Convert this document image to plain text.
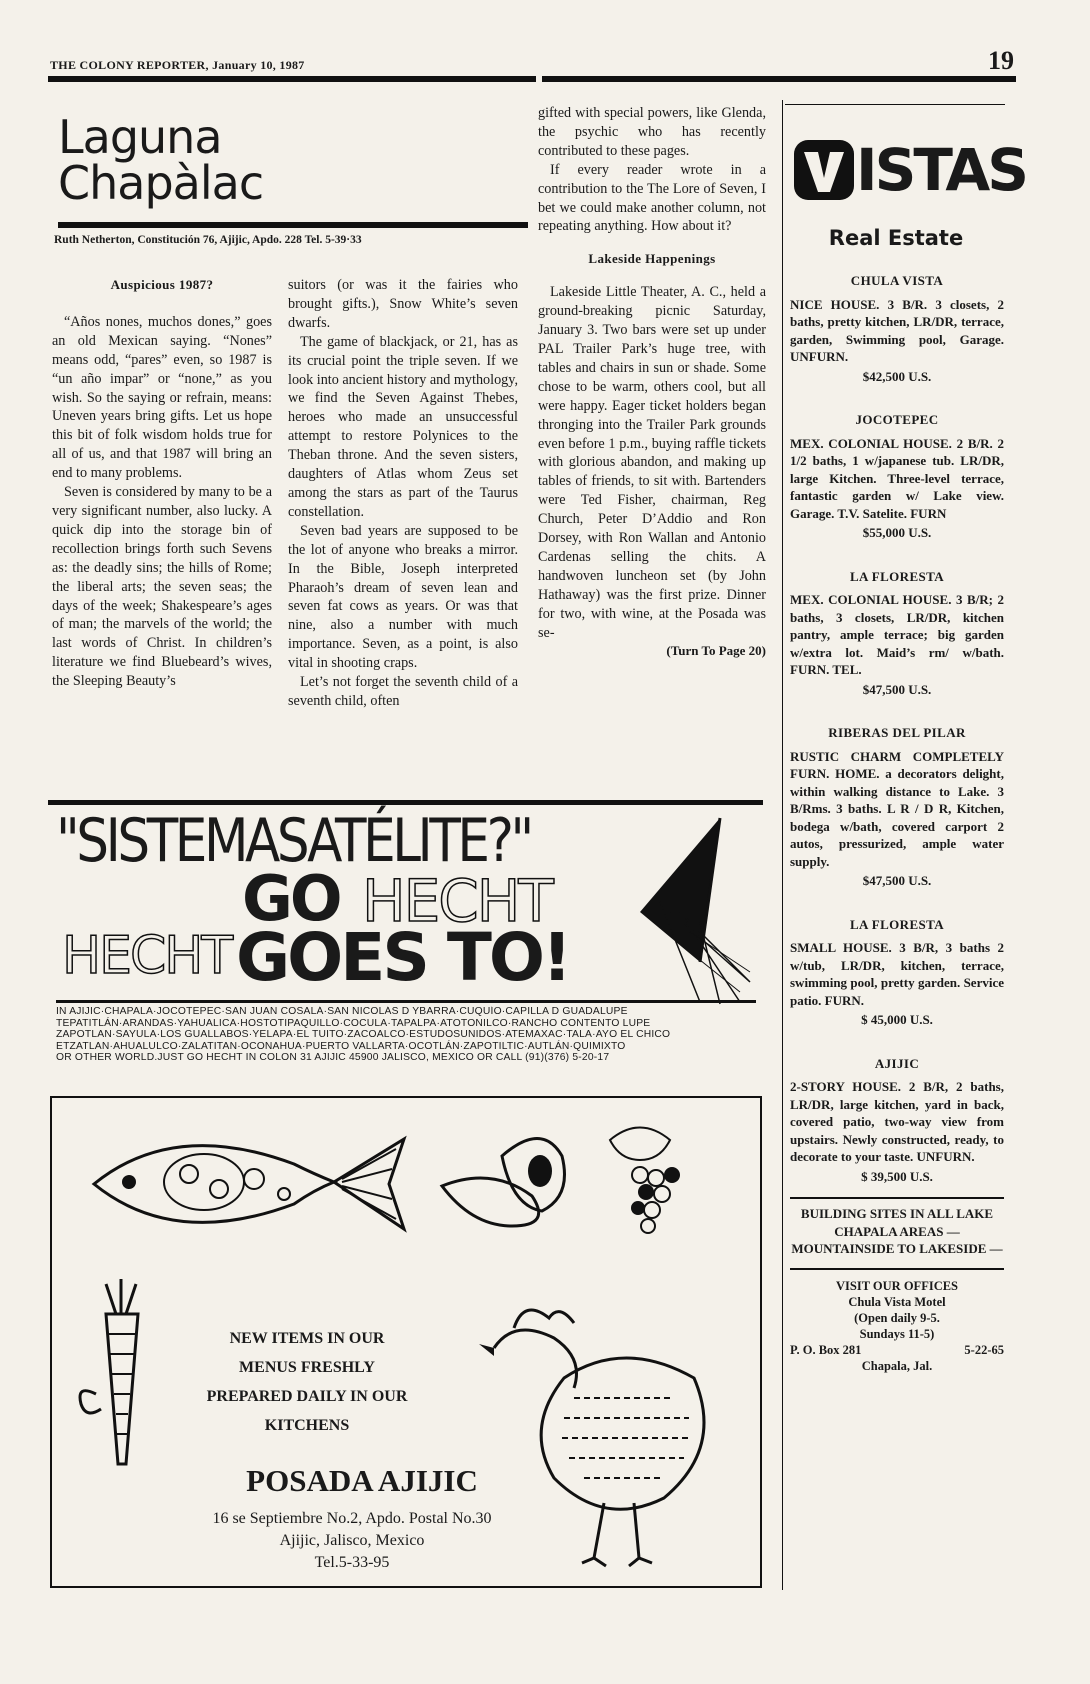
THE COLONY REPORTER, January 10, 1987	19
Laguna
Chapàlac
Ruth Netherton, Constitución 76, Ajijic, Apdo. 228 Tel. 5-39·33
Auspicious 1987?

“Años nones, muchos dones,” goes an old Mexican saying. “Nones” means odd, “pares” even, so 1987 is “un año impar” or “none,” as you wish. So the saying or refrain, means: Uneven years bring gifts. Let us hope this bit of folk wisdom holds true for all of us, and that 1987 will bring an end to many problems.

Seven is considered by many to be a very significant number, also lucky. A quick dip into the storage bin of recollection brings forth such Sevens as: the deadly sins; the hills of Rome; the liberal arts; the seven seas; the days of the week; Shakespeare’s ages of man; the marvels of the world; the last words of Christ. In children’s literature we find Bluebeard’s wives, the Sleeping Beauty’s

suitors (or was it the fairies who brought gifts.), Snow White’s seven dwarfs.

The game of blackjack, or 21, has as its crucial point the triple seven. If we look into ancient history and mythology, we find the Seven Against Thebes, heroes who made an unsuccessful attempt to restore Polynices to the Theban throne. And the seven sisters, daughters of Atlas whom Zeus set among the stars as part of the Taurus constellation.

Seven bad years are supposed to be the lot of anyone who breaks a mirror. In the Bible, Joseph interpreted Pharaoh’s dream of seven lean and seven fat cows as years. Or was that nine, also a number with much importance. Seven, as a point, is also vital in shooting craps.

Let’s not forget the seventh child of a seventh child, often

gifted with special powers, like Glenda, the psychic who has recently contributed to these pages.

If every reader wrote in a contribution to the The Lore of Seven, I bet we could make another column, not repeating anything. How about it?

Lakeside Happenings

Lakeside Little Theater, A. C., held a ground-breaking picnic Saturday, January 3. Two bars were set up under PAL Trailer Park’s huge tree, with tables and chairs in sun or shade. Some chose to be warm, others cool, but all were happy. Eager ticket holders began thronging into the Trailer Park grounds even before 1 p.m., buying raffle tickets with glorious abandon, and making up tables of friends, to sit with. Bartenders were Ted Fisher, chairman, Reg Church, Peter D’Addio and Ron Dorsey, with Ron Wallan and Antonio Cardenas selling the chits. A handwoven luncheon set (by John Hathaway) was the first prize. Dinner for two, with wine, at the Posada was se-

(Turn To Page 20)
ISTAS
Real Estate
CHULA VISTA

NICE HOUSE. 3 B/R. 3 closets, 2 baths, pretty kitchen, LR/DR, terrace, garden, Swimming pool, Garage. UNFURN.

$42,500 U.S.
JOCOTEPEC

MEX. COLONIAL HOUSE. 2 B/R. 2 1/2 baths, 1 w/japanese tub. LR/DR, large Kitchen. Three-level terrace, fantastic garden w/ Lake view. Garage. T.V. Satelite. FURN

$55,000 U.S.
LA FLORESTA

MEX. COLONIAL HOUSE. 3 B/R; 2 baths, 3 closets, LR/DR, kitchen pantry, ample terrace; big garden w/extra lot. Maid’s rm/ w/bath. FURN. TEL.

$47,500 U.S.
RIBERAS DEL PILAR

RUSTIC CHARM COMPLETELY FURN. HOME. a decorators delight, within walking distance to Lake. 3 B/Rms. 3 baths. L R / D R, Kitchen, bodega w/bath, covered carport 2 autos, pressurized, ample water supply.

$47,500 U.S.
LA FLORESTA

SMALL HOUSE. 3 B/R, 3 baths 2 w/tub, LR/DR, kitchen, terrace, swimming pool, pretty garden. Service patio. FURN.

$ 45,000 U.S.
AJIJIC

2-STORY HOUSE. 2 B/R, 2 baths, LR/DR, large kitchen, yard in back, covered patio, two-way view from upstairs. Newly constructed, ready, to decorate to your taste. UNFURN.

$ 39,500 U.S.
BUILDING SITES IN ALL LAKE CHAPALA AREAS — MOUNTAINSIDE TO LAKESIDE —
VISIT OUR OFFICES
Chula Vista Motel
(Open daily 9-5.
Sundays 11-5)
P. O. Box 281	5-22-65
Chapala, Jal.
"SISTEMASATÉLITE?"
GO HECHT
HECHT GOES TO!
IN AJIJIC·CHAPALA·JOCOTEPEC·SAN JUAN COSALÁ·SAN NICOLÁS D YBARRA·CUQUÍO·CAPILLA D GUADALUPE
TEPATITLÁN·ARANDAS·YAHUALICA·HOSTOTIPAQUILLO·COCULA·TAPALPA·ATOTONILCO·RANCHO CONTENTO LUPE
ZAPOTLAN·SAYULA·LOS GUALLABOS·YELAPA·EL TUITO·ZACOALCO·ESTUDOSUNIDOS·ATEMAXAC·TALA·AYO EL CHICO
ETZATLAN·AHUALULCO·ZALATITAN·OCONAHUA·PUERTO VALLARTA·OCOTLÁN·ZAPOTILTIC·AUTLÁN·QUIMIXTO
OR OTHER WORLD.JUST GO HECHT IN COLON 31 AJIJIC 45900 JALISCO, MEXICO OR CALL (91)(376) 5-20-17
NEW ITEMS IN OUR
MENUS FRESHLY
PREPARED DAILY IN OUR
KITCHENS
POSADA AJIJIC
16 se Septiembre No.2, Apdo. Postal No.30
Ajijic, Jalisco, Mexico
Tel.5-33-95
